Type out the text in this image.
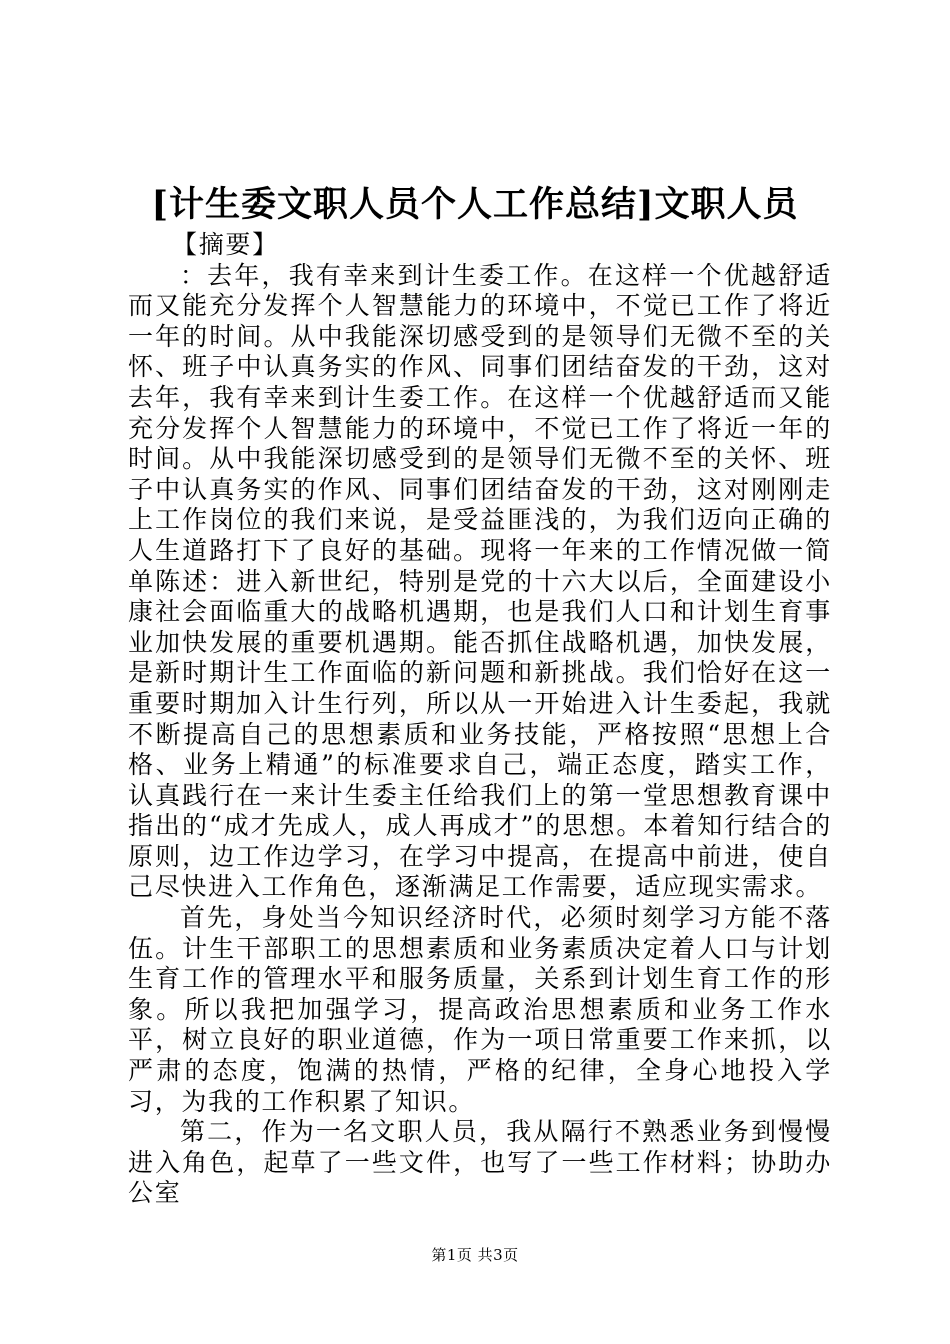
[计生委文职人员个人工作总结]文职人员
【摘要】

：去年，我有幸来到计生委工作。在这样一个优越舒适而又能充分发挥个人智慧能力的环境中，不觉已工作了将近一年的时间。从中我能深切感受到的是领导们无微不至的关怀、班子中认真务实的作风、同事们团结奋发的干劲，这对去年，我有幸来到计生委工作。在这样一个优越舒适而又能充分发挥个人智慧能力的环境中，不觉已工作了将近一年的时间。从中我能深切感受到的是领导们无微不至的关怀、班子中认真务实的作风、同事们团结奋发的干劲，这对刚刚走上工作岗位的我们来说，是受益匪浅的，为我们迈向正确的人生道路打下了良好的基础。现将一年来的工作情况做一简单陈述：进入新世纪，特别是党的十六大以后，全面建设小康社会面临重大的战略机遇期，也是我们人口和计划生育事业加快发展的重要机遇期。能否抓住战略机遇，加快发展，是新时期计生工作面临的新问题和新挑战。我们恰好在这一重要时期加入计生行列，所以从一开始进入计生委起，我就不断提高自己的思想素质和业务技能，严格按照“思想上合格、业务上精通”的标准要求自己，端正态度，踏实工作，认真践行在一来计生委主任给我们上的第一堂思想教育课中指出的“成才先成人，成人再成才”的思想。本着知行结合的原则，边工作边学习，在学习中提高，在提高中前进，使自己尽快进入工作角色，逐渐满足工作需要，适应现实需求。

首先，身处当今知识经济时代，必须时刻学习方能不落伍。计生干部职工的思想素质和业务素质决定着人口与计划生育工作的管理水平和服务质量，关系到计划生育工作的形象。所以我把加强学习，提高政治思想素质和业务工作水平，树立良好的职业道德，作为一项日常重要工作来抓，以严肃的态度，饱满的热情，严格的纪律，全身心地投入学习，为我的工作积累了知识。

第二，作为一名文职人员，我从隔行不熟悉业务到慢慢进入角色，起草了一些文件，也写了一些工作材料；协助办公室

第1页 共3页
